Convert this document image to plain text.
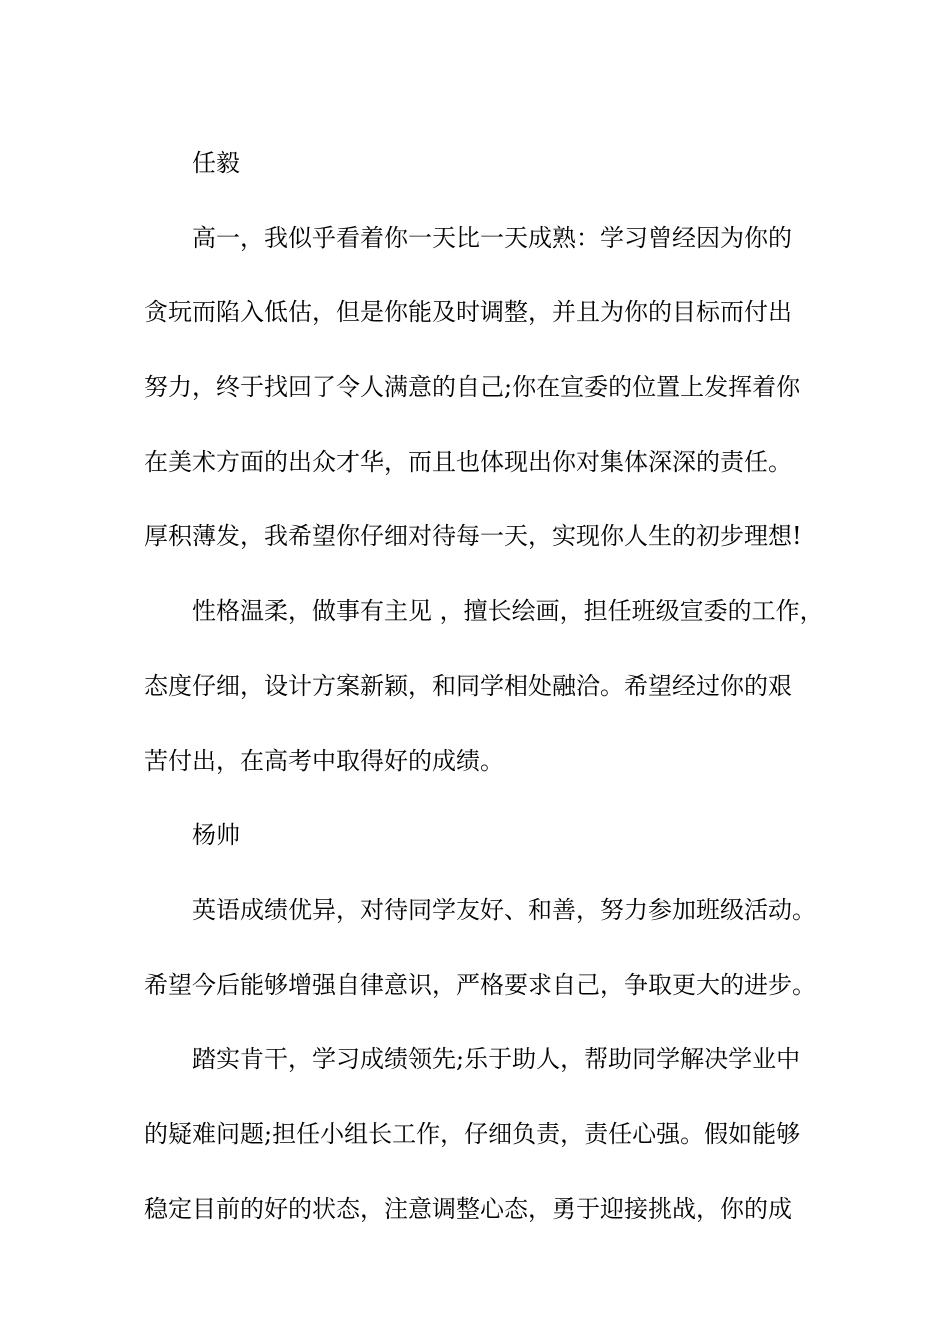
任毅
高一，我似乎看着你一天比一天成熟：学习曾经因为你的
贪玩而陷入低估，但是你能及时调整，并且为你的目标而付出
努力，终于找回了令人满意的自己;你在宣委的位置上发挥着你
在美术方面的出众才华，而且也体现出你对集体深深的责任。
厚积薄发，我希望你仔细对待每一天，实现你人生的初步理想!
性格温柔，做事有主见 ，擅长绘画，担任班级宣委的工作，
态度仔细，设计方案新颖，和同学相处融洽。希望经过你的艰
苦付出，在高考中取得好的成绩。
杨帅
英语成绩优异，对待同学友好、和善，努力参加班级活动。
希望今后能够增强自律意识，严格要求自己，争取更大的进步。
踏实肯干，学习成绩领先;乐于助人，帮助同学解决学业中
的疑难问题;担任小组长工作，仔细负责，责任心强。假如能够
稳定目前的好的状态，注意调整心态，勇于迎接挑战，你的成
